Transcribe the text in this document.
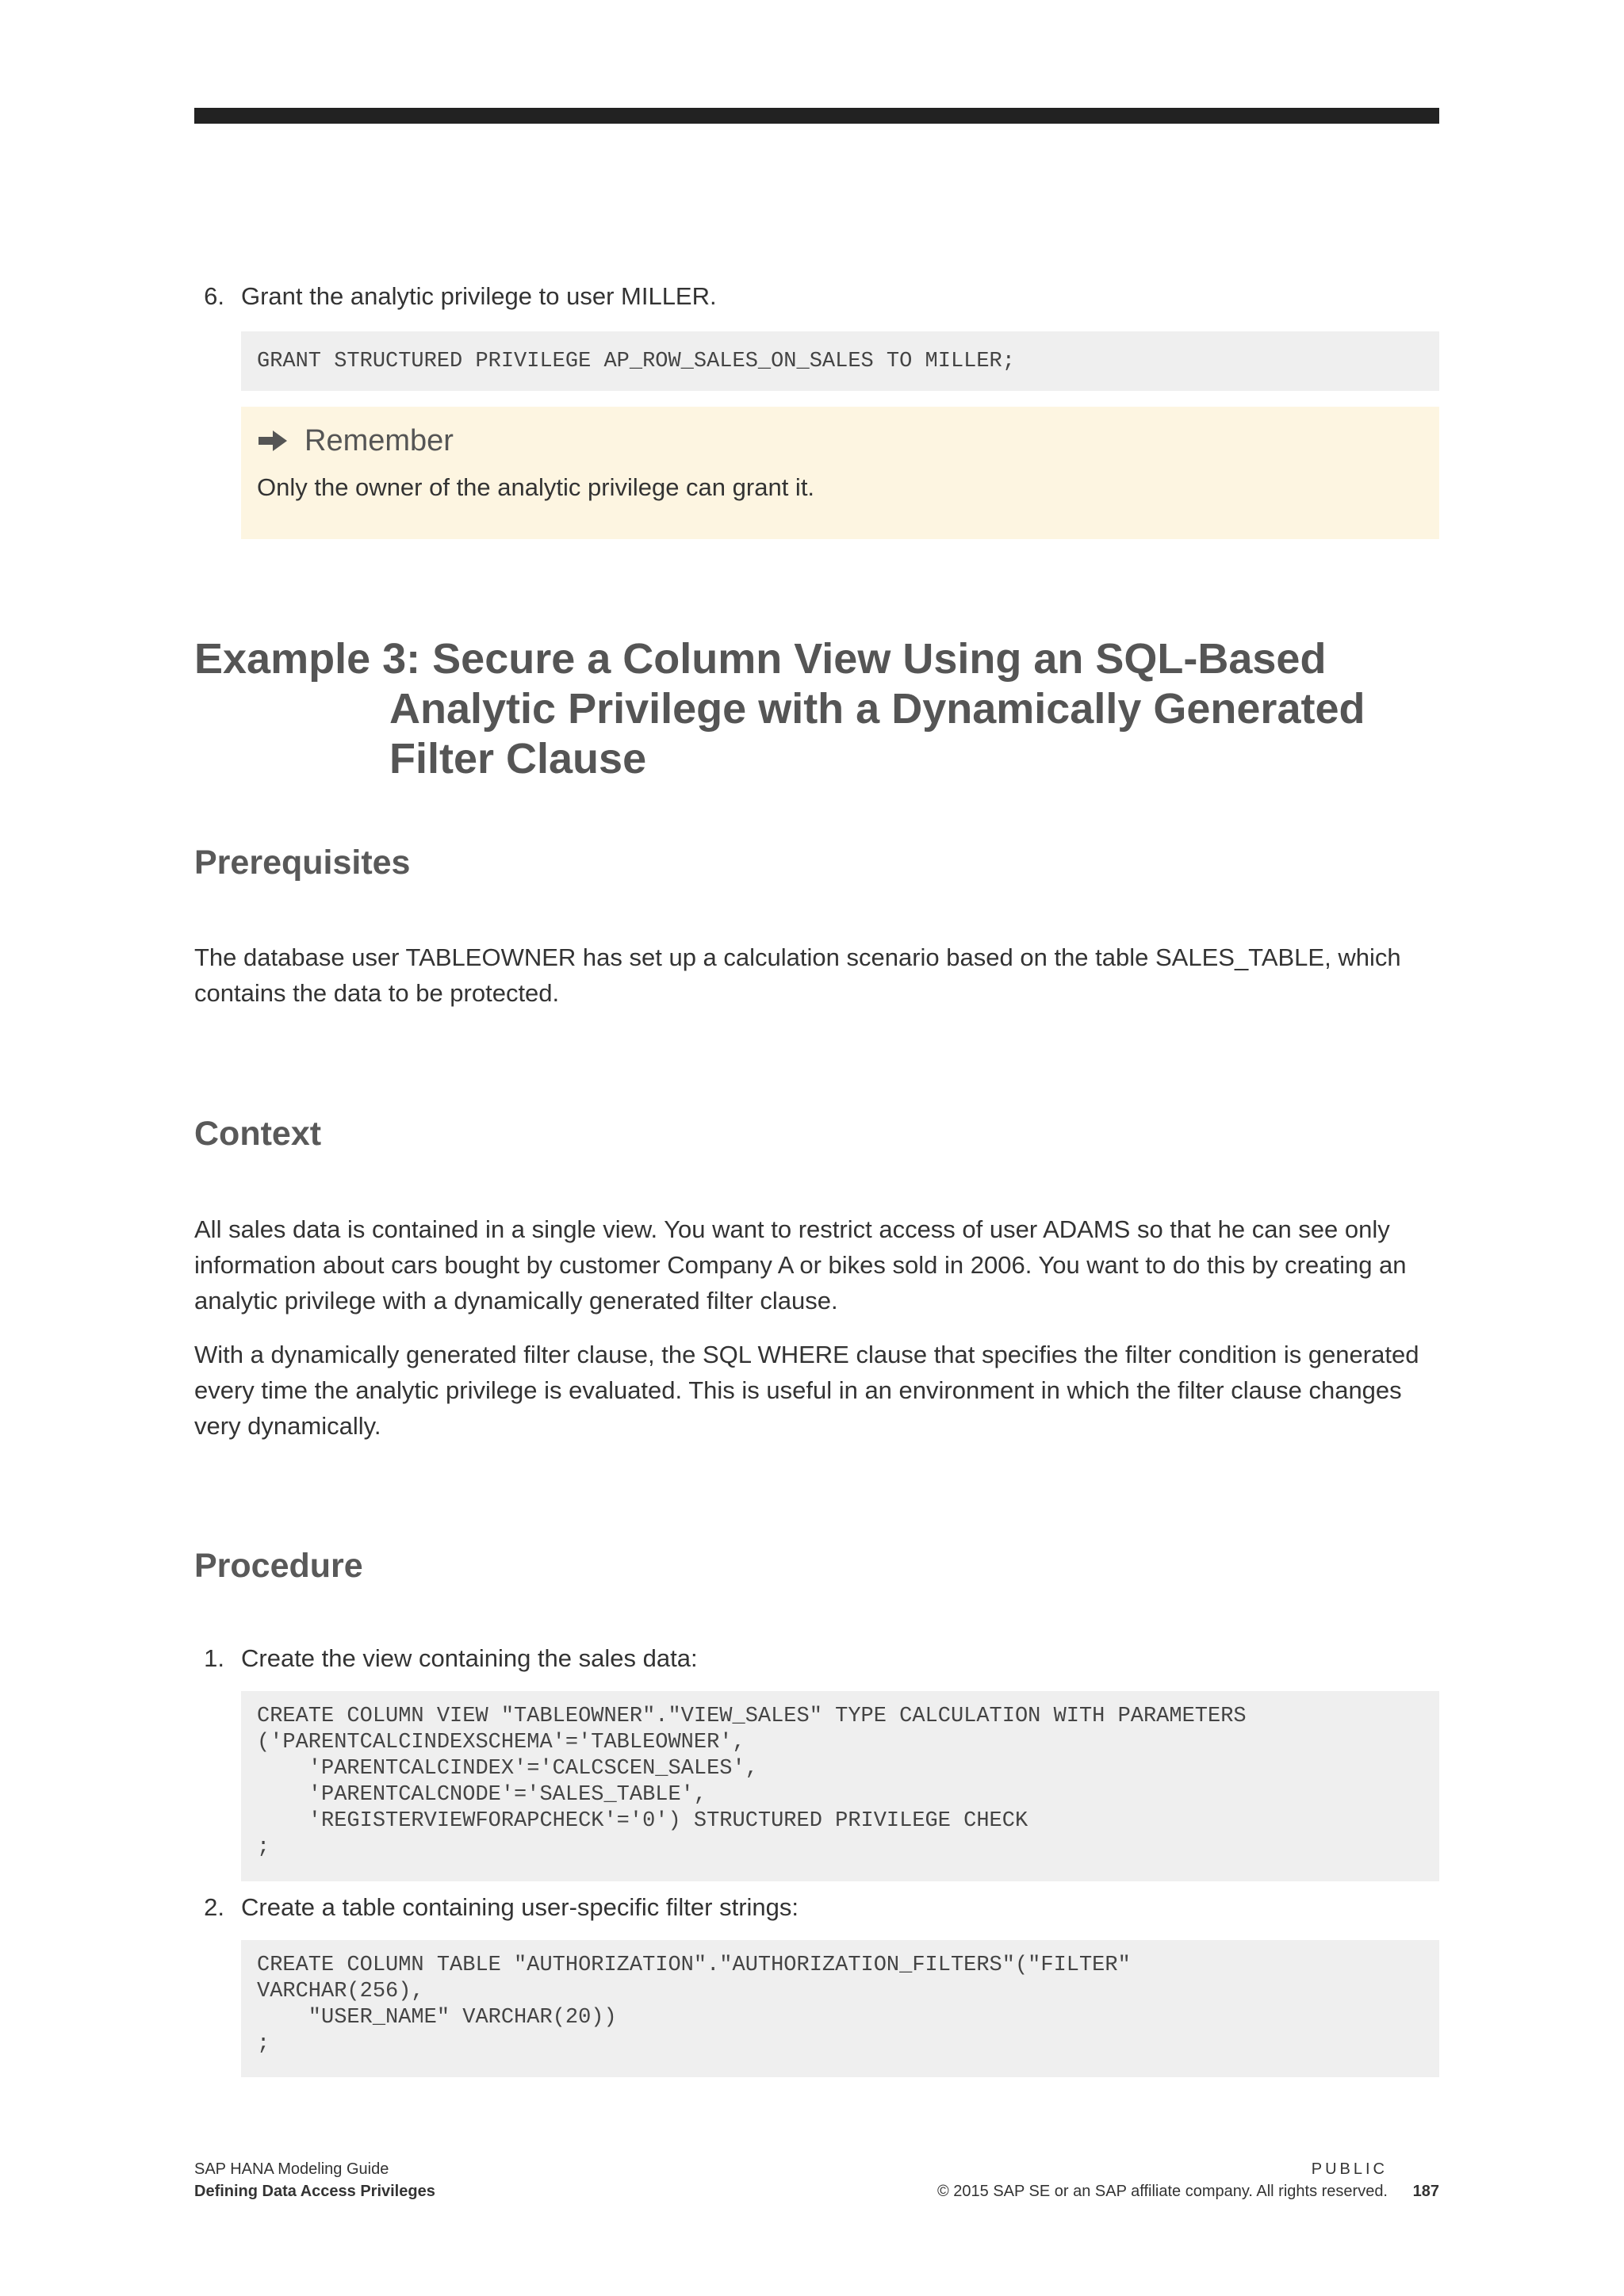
6. Grant the analytic privilege to user MILLER.
GRANT STRUCTURED PRIVILEGE AP_ROW_SALES_ON_SALES TO MILLER;
Remember
Only the owner of the analytic privilege can grant it.
Example 3: Secure a Column View Using an SQL-Based
Analytic Privilege with a Dynamically Generated
Filter Clause
Prerequisites
The database user TABLEOWNER has set up a calculation scenario based on the table SALES_TABLE, which contains the data to be protected.
Context
All sales data is contained in a single view. You want to restrict access of user ADAMS so that he can see only information about cars bought by customer Company A or bikes sold in 2006. You want to do this by creating an analytic privilege with a dynamically generated filter clause.
With a dynamically generated filter clause, the SQL WHERE clause that specifies the filter condition is generated every time the analytic privilege is evaluated. This is useful in an environment in which the filter clause changes very dynamically.
Procedure
1. Create the view containing the sales data:
CREATE COLUMN VIEW "TABLEOWNER"."VIEW_SALES" TYPE CALCULATION WITH PARAMETERS
('PARENTCALCINDEXSCHEMA'='TABLEOWNER',
'PARENTCALCINDEX'='CALCSCEN_SALES',
'PARENTCALCNODE'='SALES_TABLE',
'REGISTERVIEWFORAPCHECK'='0') STRUCTURED PRIVILEGE CHECK
;
2. Create a table containing user-specific filter strings:
CREATE COLUMN TABLE "AUTHORIZATION"."AUTHORIZATION_FILTERS"("FILTER"
VARCHAR(256),
"USER_NAME" VARCHAR(20))
;
SAP HANA Modeling Guide
Defining Data Access Privileges
PUBLIC
© 2015 SAP SE or an SAP affiliate company. All rights reserved. 187
